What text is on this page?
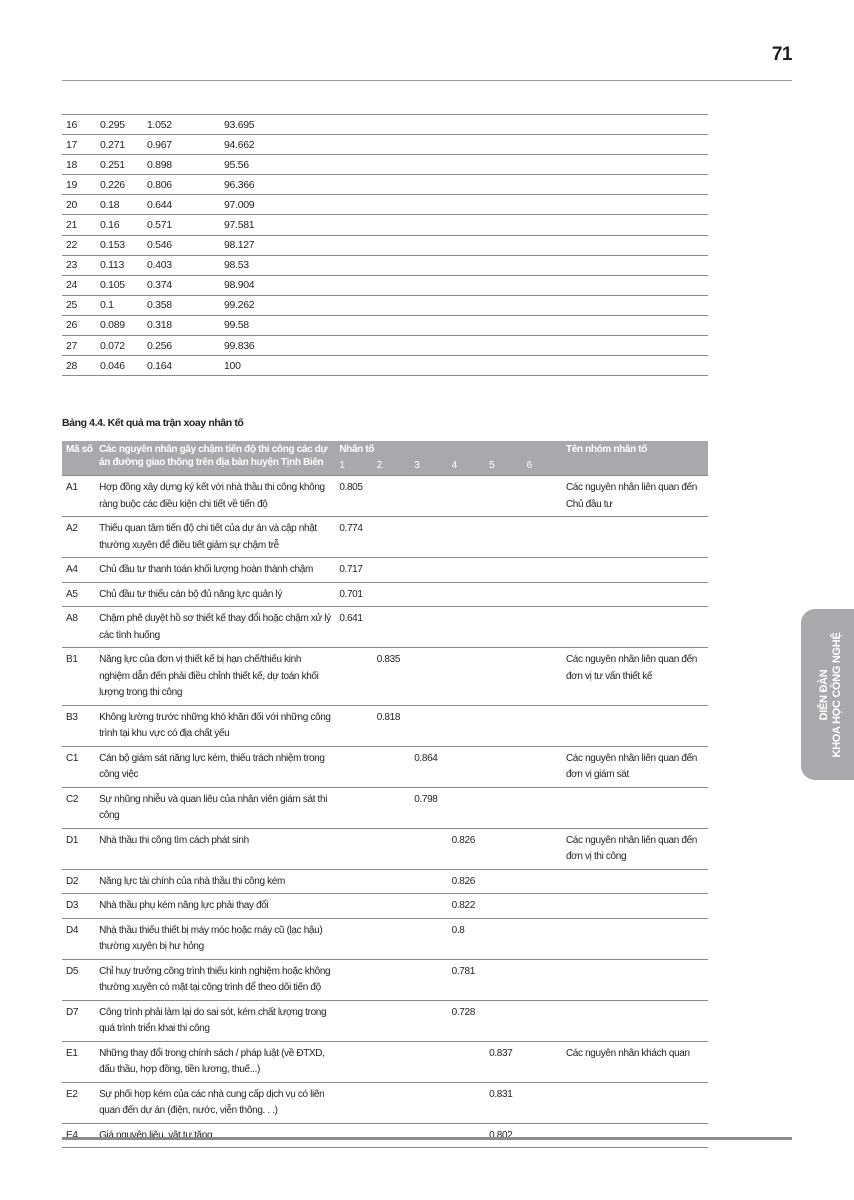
71
16	0.295	1.052	93.695	
17	0.271	0.967	94.662	
18	0.251	0.898	95.56	
19	0.226	0.806	96.366	
20	0.18	0.644	97.009	
21	0.16	0.571	97.581	
22	0.153	0.546	98.127	
23	0.113	0.403	98.53	
24	0.105	0.374	98.904	
25	0.1	0.358	99.262	
26	0.089	0.318	99.58	
27	0.072	0.256	99.836	
28	0.046	0.164	100	
Bảng 4.4. Kết quả ma trận xoay nhân tố
Mã số	Các nguyên nhân gây chậm tiến độ thi công các dự án đường giao thông trên địa bàn huyện Tịnh Biên	Nhân tố						Tên nhóm nhân tố
		1	2	3	4	5	6	
A1	Hợp đồng xây dựng ký kết với nhà thầu thi công không ràng buộc các điều kiện chi tiết về tiến độ	0.805						Các nguyên nhân liên quan đến Chủ đầu tư
A2	Thiếu quan tâm tiến độ chi tiết của dự án và cập nhật thường xuyên để điều tiết giảm sự chậm trễ	0.774						
A4	Chủ đầu tư thanh toán khối lượng hoàn thành chậm	0.717						
A5	Chủ đầu tư thiếu cán bộ đủ năng lực quản lý	0.701						
A8	Chậm phê duyệt hồ sơ thiết kế thay đổi hoặc chậm xử lý các tình huống	0.641						
B1	Năng lực của đơn vị thiết kế bị hạn chế/thiếu kinh nghiệm dẫn đến phải điều chỉnh thiết kế, dự toán khối lượng trong thi công		0.835					Các nguyên nhân liên quan đến đơn vị tư vấn thiết kế
B3	Không lường trước những khó khăn đối với những công trình tại khu vực có địa chất yếu		0.818					
C1	Cán bộ giám sát năng lực kém, thiếu trách nhiệm trong công việc			0.864				Các nguyên nhân liên quan đến đơn vị giám sát
C2	Sự nhũng nhiễu và quan liêu của nhân viên giám sát thi công			0.798				
D1	Nhà thầu thi công tìm cách phát sinh				0.826			Các nguyên nhân liên quan đến đơn vị thi công
D2	Năng lực tài chính của nhà thầu thi công kém				0.826			
D3	Nhà thầu phụ kém năng lực phải thay đổi				0.822			
D4	Nhà thầu thiếu thiết bị máy móc hoặc máy cũ (lạc hậu) thường xuyên bị hư hỏng				0.8			
D5	Chỉ huy trưởng công trình thiếu kinh nghiệm hoặc không thường xuyên có mặt tại công trình để theo dõi tiến độ				0.781			
D7	Công trình phải làm lại do sai sót, kém chất lượng trong quá trình triển khai thi công				0.728			
E1	Những thay đổi trong chính sách / pháp luật (về ĐTXD, đấu thầu, hợp đồng, tiền lương, thuế...)					0.837		Các nguyên nhân khách quan
E2	Sự phối hợp kém của các nhà cung cấp dịch vụ có liên quan đến dự án (điện, nước, viễn thông. . .)					0.831		
E4	Giá nguyên liệu, vật tư tăng					0.802		
DIỄN ĐÀN KHOA HỌC CÔNG NGHỆ
